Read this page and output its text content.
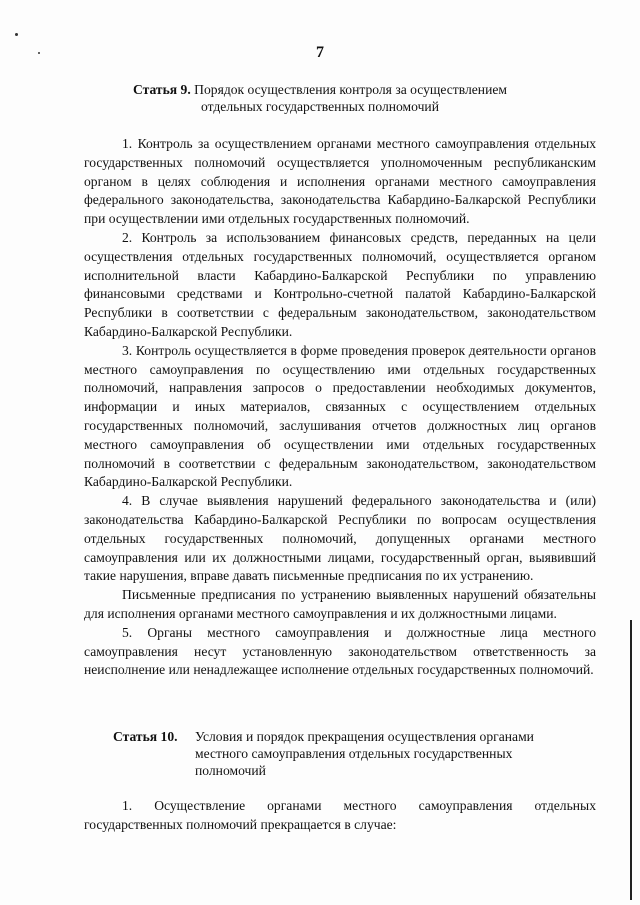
7
Статья 9. Порядок осуществления контроля за осуществлением
отдельных государственных полномочий

1. Контроль за осуществлением органами местного самоуправления отдельных государственных полномочий осуществляется уполномоченным республиканским органом в целях соблюдения и исполнения органами местного самоуправления федерального законодательства, законодательства Кабардино-Балкарской Республики при осуществлении ими отдельных государственных полномочий.

2. Контроль за использованием финансовых средств, переданных на цели осуществления отдельных государственных полномочий, осуществляется органом исполнительной власти Кабардино-Балкарской Республики по управлению финансовыми средствами и Контрольно-счетной палатой Кабардино-Балкарской Республики в соответствии с федеральным законодательством, законодательством Кабардино-Балкарской Республики.

3. Контроль осуществляется в форме проведения проверок деятельности органов местного самоуправления по осуществлению ими отдельных государственных полномочий, направления запросов о предоставлении необходимых документов, информации и иных материалов, связанных с осуществлением отдельных государственных полномочий, заслушивания отчетов должностных лиц органов местного самоуправления об осуществлении ими отдельных государственных полномочий в соответствии с федеральным законодательством, законодательством Кабардино-Балкарской Республики.

4. В случае выявления нарушений федерального законодательства и (или) законодательства Кабардино-Балкарской Республики по вопросам осуществления отдельных государственных полномочий, допущенных органами местного самоуправления или их должностными лицами, государственный орган, выявивший такие нарушения, вправе давать письменные предписания по их устранению.

Письменные предписания по устранению выявленных нарушений обязательны для исполнения органами местного самоуправления и их должностными лицами.

5. Органы местного самоуправления и должностные лица местного самоуправления несут установленную законодательством ответственность за неисполнение или ненадлежащее исполнение отдельных государственных полномочий.

Статья 10. Условия и порядок прекращения осуществления органами
местного самоуправления отдельных государственных
полномочий

1. Осуществление органами местного самоуправления отдельных государственных полномочий прекращается в случае:
